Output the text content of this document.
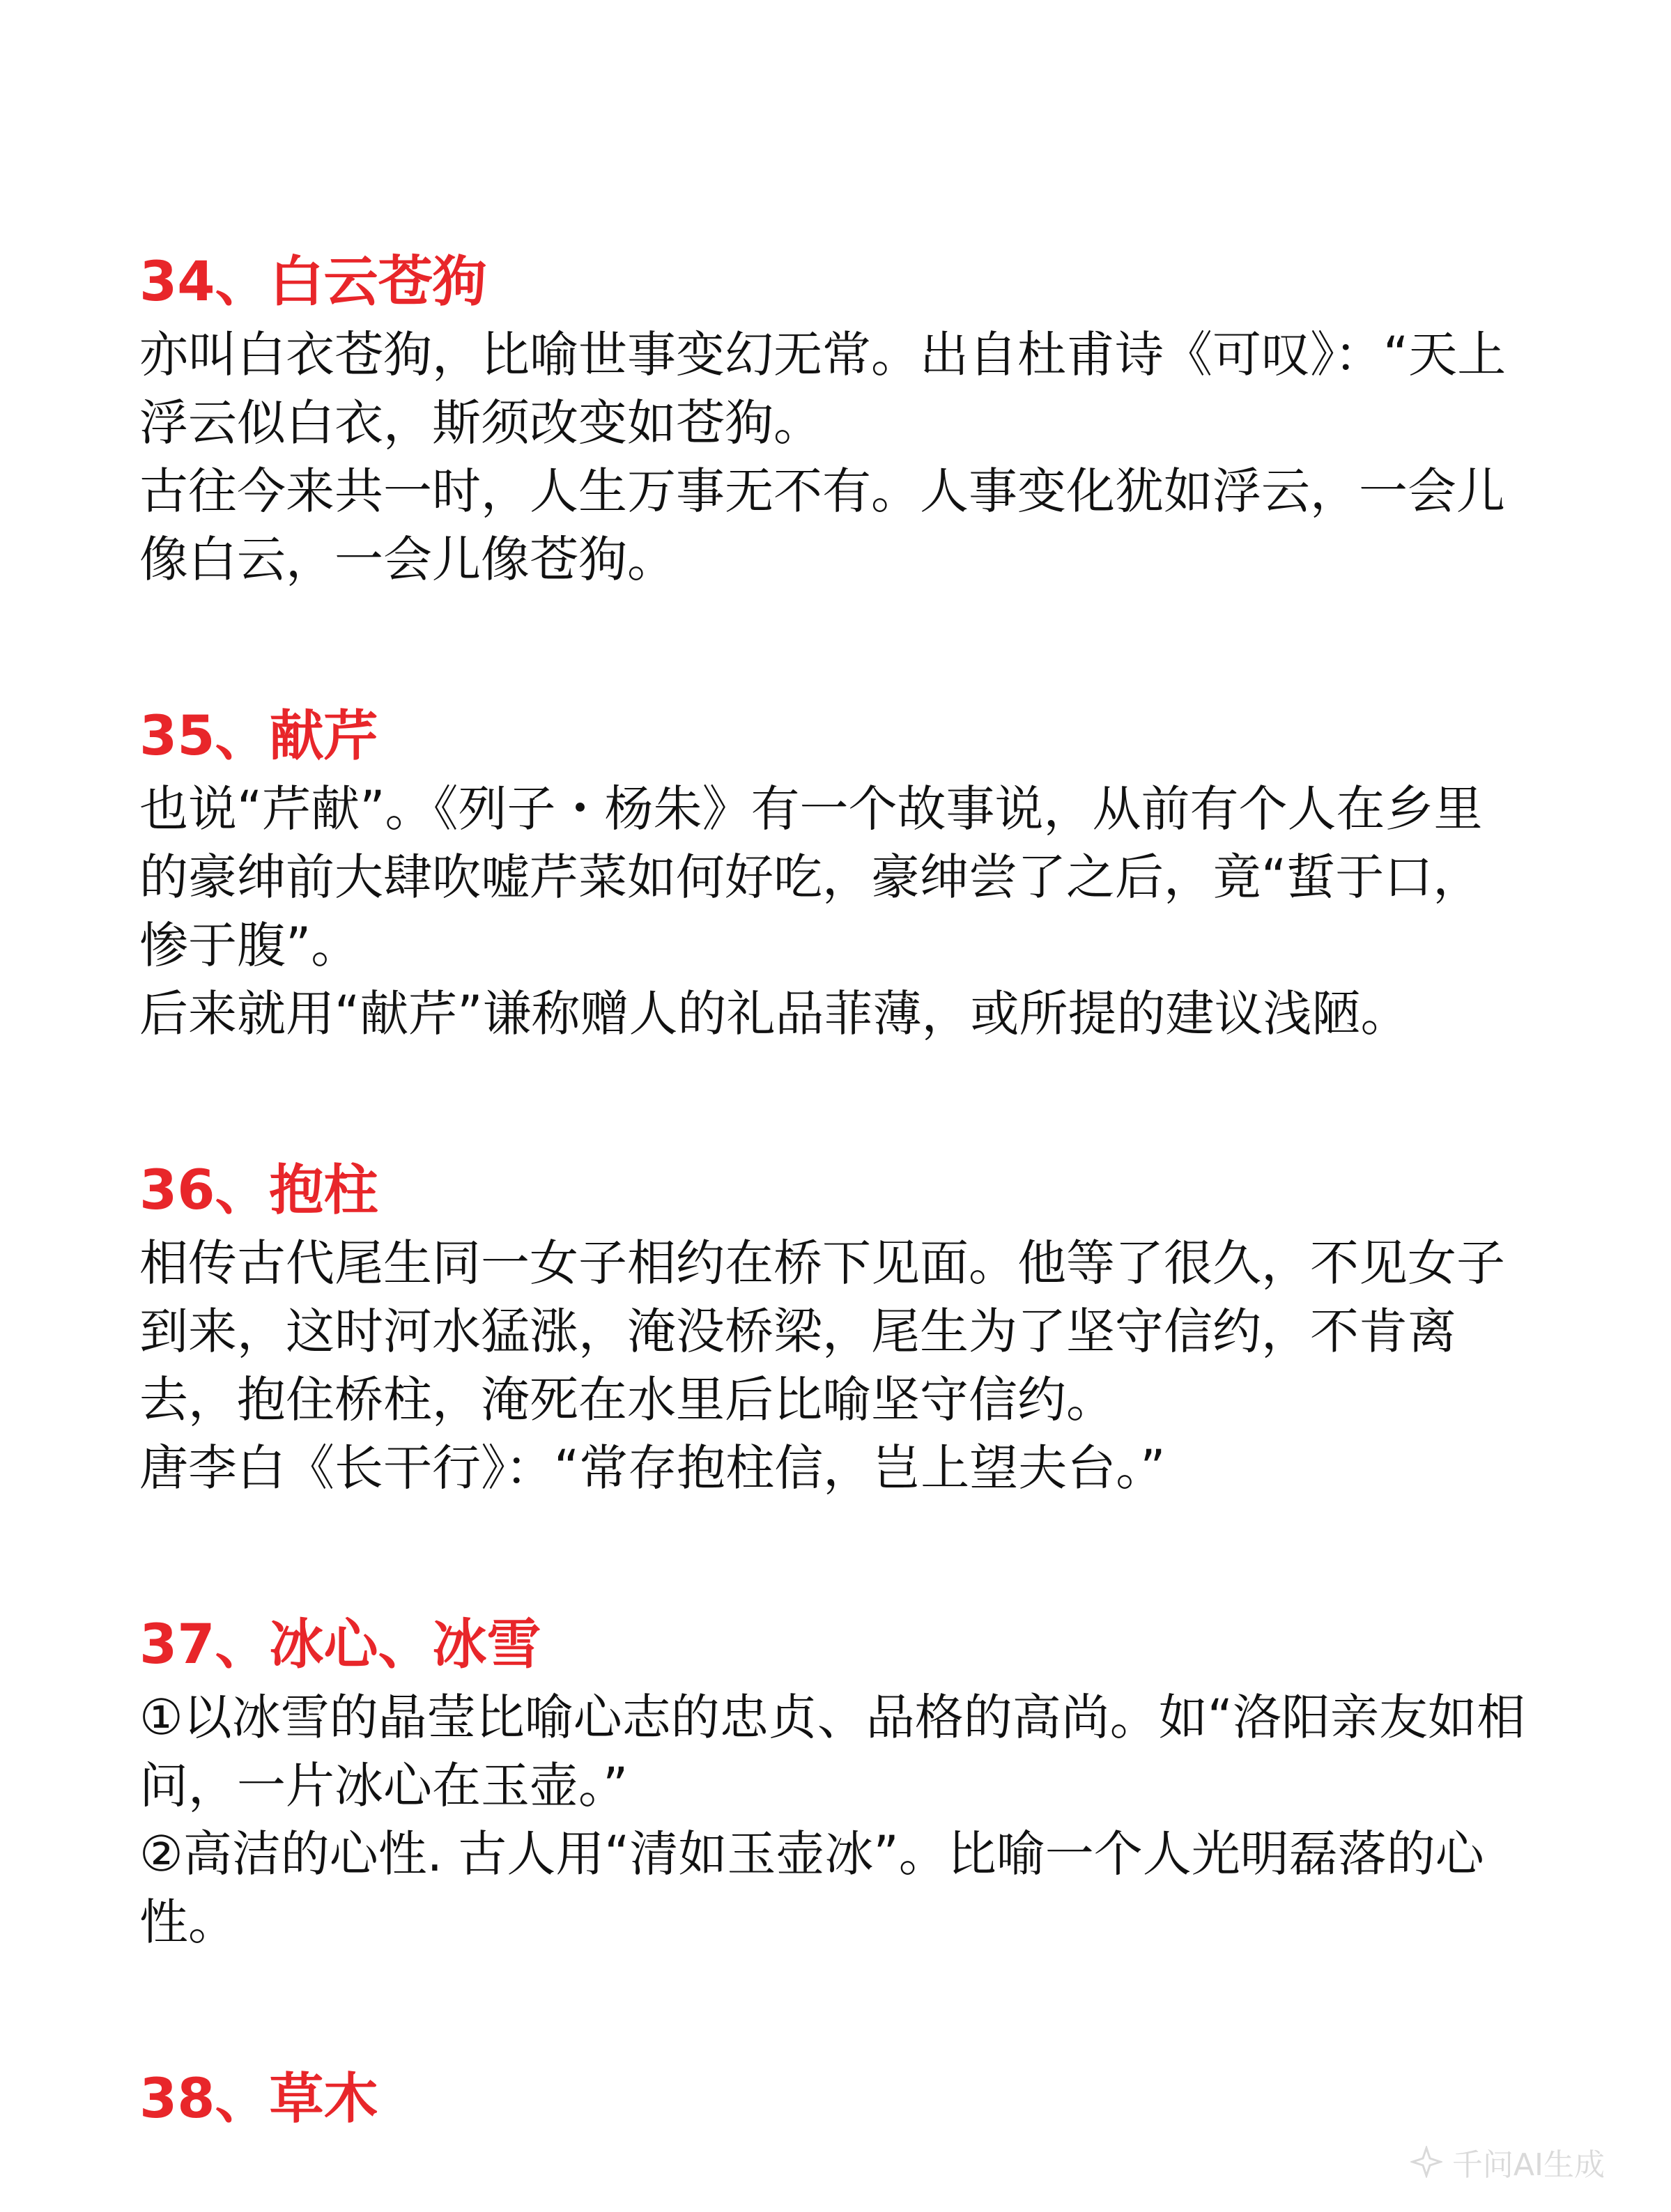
34、白云苍狗

亦叫白衣苍狗，比喻世事变幻无常。出自杜甫诗《可叹》：“天上浮云似白衣，斯须改变如苍狗。

古往今来共一时，人生万事无不有。人事变化犹如浮云，一会儿像白云，一会儿像苍狗。

35、献芹

也说“芹献”。《列子・杨朱》有一个故事说，从前有个人在乡里的豪绅前大肆吹嘘芹菜如何好吃，豪绅尝了之后，竟“蜇于口，惨于腹”。

后来就用“献芹”谦称赠人的礼品菲薄，或所提的建议浅陋。

36、抱柱

相传古代尾生同一女子相约在桥下见面。他等了很久，不见女子到来，这时河水猛涨，淹没桥梁，尾生为了坚守信约，不肯离去，抱住桥柱，淹死在水里后比喻坚守信约。

唐李白《长干行》：“常存抱柱信，岂上望夫台。”

37、冰心、冰雪

①以冰雪的晶莹比喻心志的忠贞、品格的高尚。如“洛阳亲友如相问，一片冰心在玉壶。”

②高洁的心性. 古人用“清如玉壶冰”。比喻一个人光明磊落的心性。

38、草木
千问AI生成
